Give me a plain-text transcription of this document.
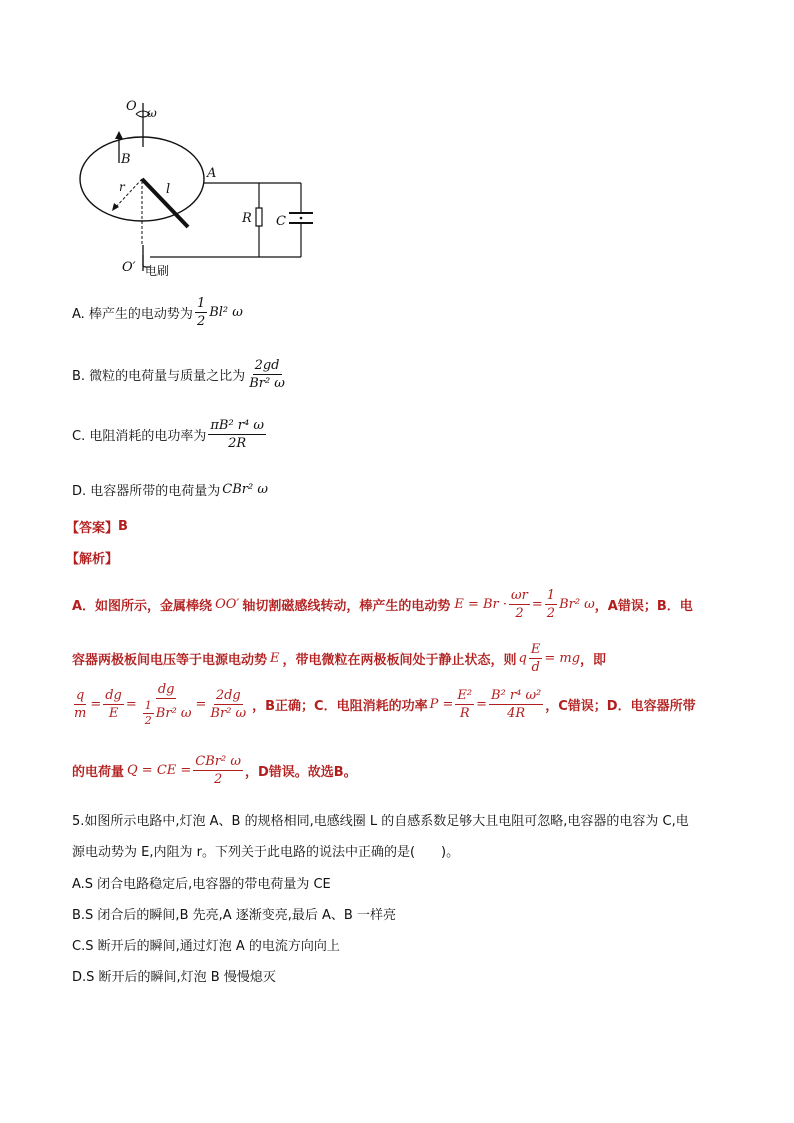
O ω
B
A
r	l
R C
O′ 电刷
A. 棒产生的电动势为 $\frac{1}{2} Bl^2$ ω
B. 微粒的电荷量与质量之比为 $\frac{2gd}{\text{Br² ω}}$
C. 电阻消耗的电功率为 $\frac{\text{πB² r⁴ ω}}{2R}$
D. 电容器所带的电荷量为 CBr² ω
【答案】 B
【解析】
A．如图所示，金属棒绕 OO′ 轴切割磁感线转动，棒产生的电动势 $E = Br \cdot \frac{\omega r}{2} = \frac{1}{2} Br^2$ ω ，A错误；B．电
容器两极板间电压等于电源电动势 E ，带电微粒在两极板间处于静止状态，则 q $\frac{E}{d}$ = mg ，即
$\frac{q}{m} = \frac{dg}{E} = \frac{dg}{\frac{1}{2} Br^2 \omega} = \frac{2dg}{\text{Br² ω}}$ ，B正确；C．电阻消耗的功率 $P = \frac{\text{E²}}{R} = \frac{\text{B² r⁴ ω²}}{4R}$ ，C错误；D．电容器所带
的电荷量 Q = CE = $\frac{\text{CBr² ω}}{2}$ ，D错误。故选B。
5.如图所示电路中,灯泡 A、B 的规格相同,电感线圈 L 的自感系数足够大且电阻可忽略,电容器的电容为 C,电
源电动势为 E,内阻为 r。下列关于此电路的说法中正确的是(　　)。
A.S 闭合电路稳定后,电容器的带电荷量为 CE
B.S 闭合后的瞬间,B 先亮,A 逐渐变亮,最后 A、B 一样亮
C.S 断开后的瞬间,通过灯泡 A 的电流方向向上
D.S 断开后的瞬间,灯泡 B 慢慢熄灭
